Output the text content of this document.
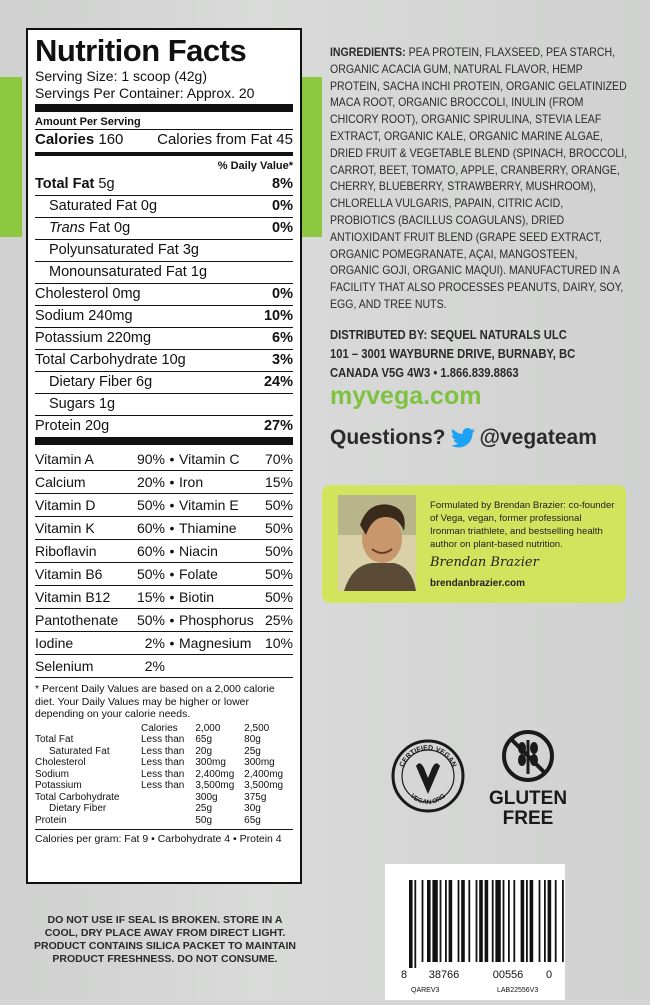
Nutrition Facts
Serving Size: 1 scoop (42g)
Servings Per Container: Approx. 20
Amount Per Serving
Calories 160 Calories from Fat 45
% Daily Value*
Total Fat 5g	8%
Saturated Fat 0g	0%
Trans Fat 0g	0%
Polyunsaturated Fat 3g
Monounsaturated Fat 1g
Cholesterol 0mg	0%
Sodium 240mg	10%
Potassium 220mg	6%
Total Carbohydrate 10g	3%
Dietary Fiber 6g	24%
Sugars 1g
Protein 20g	27%
Vitamin A	90% • Vitamin C	70%
Calcium	20% • Iron	15%
Vitamin D	50% • Vitamin E	50%
Vitamin K	60% • Thiamine	50%
Riboflavin	60% • Niacin	50%
Vitamin B6	50% • Folate	50%
Vitamin B12	15% • Biotin	50%
Pantothenate	50% • Phosphorus 25%
Iodine	2% • Magnesium 10%
Selenium	2%
* Percent Daily Values are based on a 2,000 calorie diet. Your Daily Values may be higher or lower depending on your calorie needs.
	Calories	2,000	2,500
Total Fat	Less than	65g	80g
Saturated Fat	Less than	20g	25g
Cholesterol	Less than	300mg	300mg
Sodium	Less than	2,400mg	2,400mg
Potassium	Less than	3,500mg	3,500mg
Total Carbohydrate		300g	375g
Dietary Fiber		25g	30g
Protein		50g	65g
Calories per gram: Fat 9 • Carbohydrate 4 • Protein 4
INGREDIENTS: PEA PROTEIN, FLAXSEED, PEA STARCH, ORGANIC ACACIA GUM, NATURAL FLAVOR, HEMP PROTEIN, SACHA INCHI PROTEIN, ORGANIC GELATINIZED MACA ROOT, ORGANIC BROCCOLI, INULIN (FROM CHICORY ROOT), ORGANIC SPIRULINA, STEVIA LEAF EXTRACT, ORGANIC KALE, ORGANIC MARINE ALGAE, DRIED FRUIT & VEGETABLE BLEND (SPINACH, BROCCOLI, CARROT, BEET, TOMATO, APPLE, CRANBERRY, ORANGE, CHERRY, BLUEBERRY, STRAWBERRY, MUSHROOM), CHLORELLA VULGARIS, PAPAIN, CITRIC ACID, PROBIOTICS (BACILLUS COAGULANS), DRIED ANTIOXIDANT FRUIT BLEND (GRAPE SEED EXTRACT, ORGANIC POMEGRANATE, AÇAI, MANGOSTEEN, ORGANIC GOJI, ORGANIC MAQUI). MANUFACTURED IN A FACILITY THAT ALSO PROCESSES PEANUTS, DAIRY, SOY, EGG, AND TREE NUTS.
DISTRIBUTED BY: SEQUEL NATURALS ULC
101 – 3001 WAYBURNE DRIVE, BURNABY, BC
CANADA V5G 4W3 • 1.866.839.8863
myvega.com
Questions? @vegateam
Formulated by Brendan Brazier: co-founder of Vega, vegan, former professional Ironman triathlete, and bestselling health author on plant-based nutrition.
Brendan Brazier
brendanbrazier.com
CERTIFIED VEGAN
VEGAN.ORG GLUTEN
FREE
DO NOT USE IF SEAL IS BROKEN. STORE IN A COOL, DRY PLACE AWAY FROM DIRECT LIGHT. PRODUCT CONTAINS SILICA PACKET TO MAINTAIN PRODUCT FRESHNESS. DO NOT CONSUME.
8 38766	00556 0
QAREV3	LAB22556V3
